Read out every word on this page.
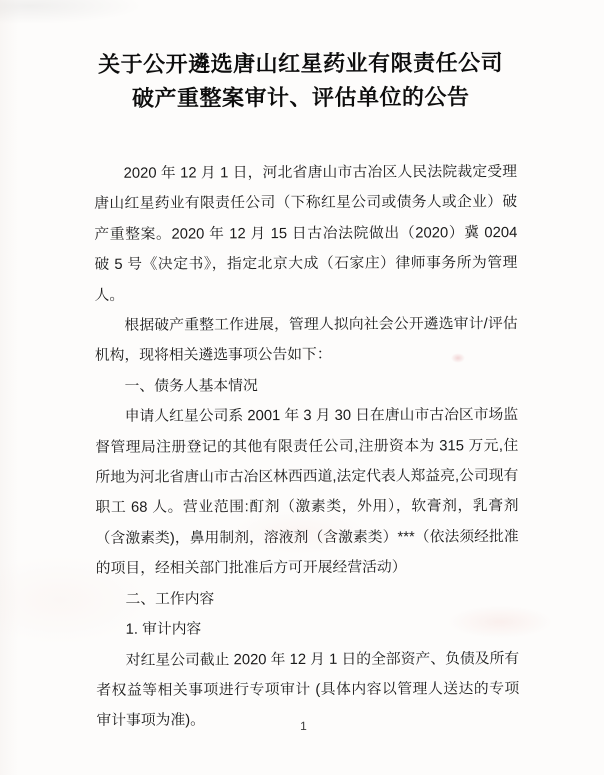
关于公开遴选唐山红星药业有限责任公司
破产重整案审计、评估单位的公告

2020 年 12 月 1 日，河北省唐山市古冶区人民法院裁定受理唐山红星药业有限责任公司（下称红星公司或债务人或企业）破产重整案。2020 年 12 月 15 日古冶法院做出（2020）冀 0204 破 5 号《决定书》，指定北京大成（石家庄）律师事务所为管理人。

根据破产重整工作进展，管理人拟向社会公开遴选审计/评估机构，现将相关遴选事项公告如下：

一、债务人基本情况

申请人红星公司系 2001 年 3 月 30 日在唐山市古冶区市场监督管理局注册登记的其他有限责任公司,注册资本为 315 万元,住所地为河北省唐山市古冶区林西西道,法定代表人郑益亮,公司现有职工 68 人。营业范围:酊剂（激素类，外用），软膏剂，乳膏剂（含激素类)，鼻用制剂，溶液剂（含激素类）***（依法须经批准的项目，经相关部门批准后方可开展经营活动）

二、工作内容

1. 审计内容

对红星公司截止 2020 年 12 月 1 日的全部资产、负债及所有者权益等相关事项进行专项审计 (具体内容以管理人送达的专项审计事项为准)。	1
